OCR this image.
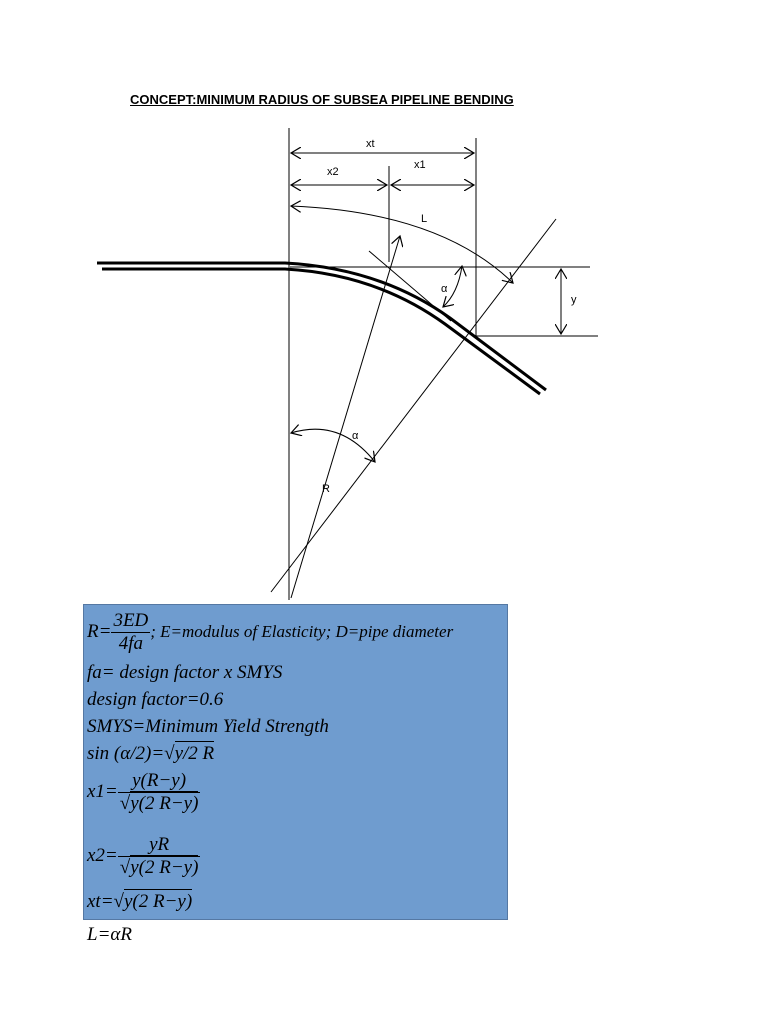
CONCEPT:MINIMUM RADIUS OF SUBSEA PIPELINE BENDING
xt
x2
x1
L
y
α
α
R
$R= \frac{3ED}{4fa}$ ; E=modulus of Elasticity; D=pipe diameter
fa= design factor x SMYS
design factor=0.6
SMYS=Minimum Yield Strength
sin (α/2)=√y/2 R
$x1= \frac{y(R-y)}{√y(2 R-y)}$
$x2= \frac{yR}{√y(2 R-y)}$
xt=√y(2 R−y)
L=αR
